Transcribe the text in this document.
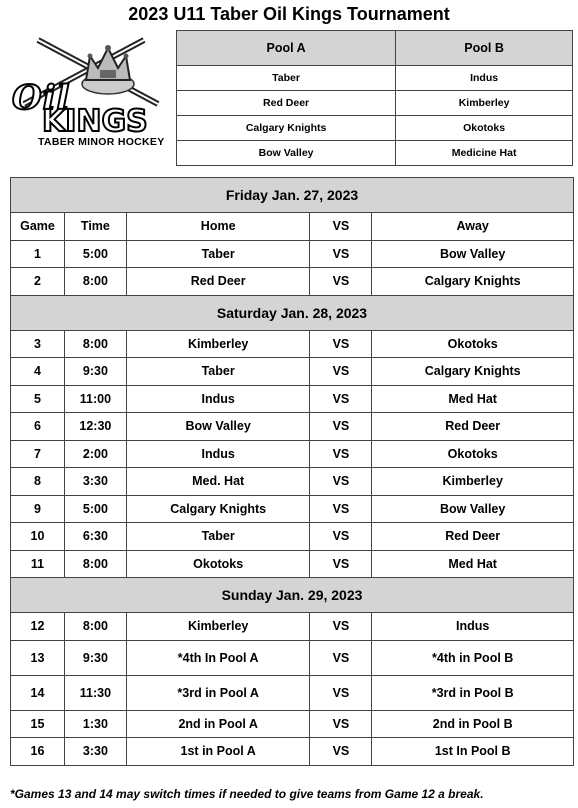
2023 U11 Taber Oil Kings Tournament
Oil
KINGS
TABER MINOR HOCKEY
Pool A	Pool B
Taber	Indus
Red Deer	Kimberley
Calgary Knights	Okotoks
Bow Valley	Medicine Hat
Friday Jan. 27, 2023				
Game	Time	Home	VS	Away
1	5:00	Taber	VS	Bow Valley
2	8:00	Red Deer	VS	Calgary Knights
Saturday Jan. 28, 2023				
3	8:00	Kimberley	VS	Okotoks
4	9:30	Taber	VS	Calgary Knights
5	11:00	Indus	VS	Med Hat
6	12:30	Bow Valley	VS	Red Deer
7	2:00	Indus	VS	Okotoks
8	3:30	Med. Hat	VS	Kimberley
9	5:00	Calgary Knights	VS	Bow Valley
10	6:30	Taber	VS	Red Deer
11	8:00	Okotoks	VS	Med Hat
Sunday Jan. 29, 2023				
12	8:00	Kimberley	VS	Indus
13	9:30	*4th In Pool A	VS	*4th in Pool B
14	11:30	*3rd in Pool A	VS	*3rd in Pool B
15	1:30	2nd in Pool A	VS	2nd in Pool B
16	3:30	1st in Pool A	VS	1st In Pool B
*Games 13 and 14 may switch times if needed to give teams from Game 12 a break.
